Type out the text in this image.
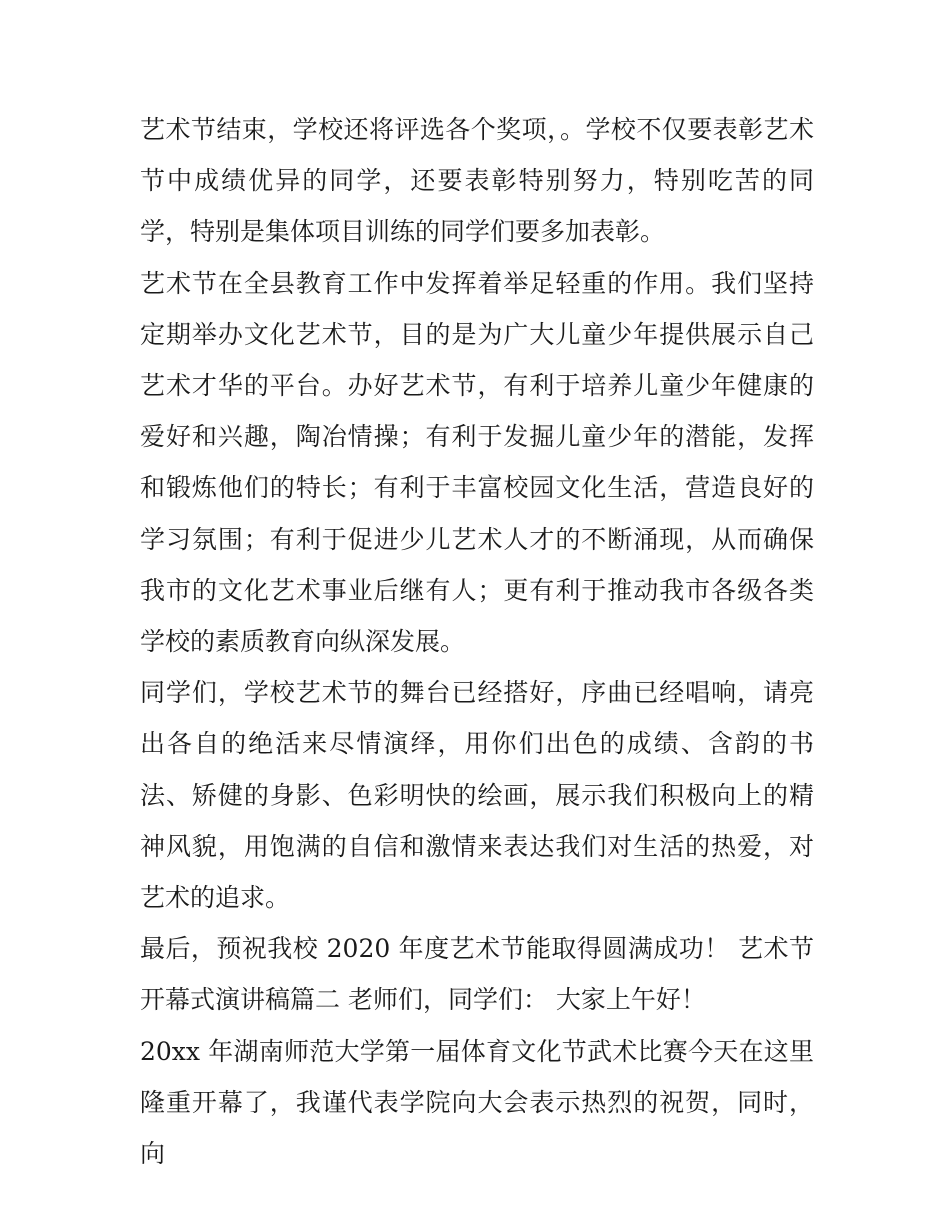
艺术节结束，学校还将评选各个奖项，。学校不仅要表彰艺术节中成绩优异的同学，还要表彰特别努力，特别吃苦的同学，特别是集体项目训练的同学们要多加表彰。

艺术节在全县教育工作中发挥着举足轻重的作用。我们坚持定期举办文化艺术节，目的是为广大儿童少年提供展示自己艺术才华的平台。办好艺术节，有利于培养儿童少年健康的爱好和兴趣，陶冶情操；有利于发掘儿童少年的潜能，发挥和锻炼他们的特长；有利于丰富校园文化生活，营造良好的学习氛围；有利于促进少儿艺术人才的不断涌现，从而确保我市的文化艺术事业后继有人；更有利于推动我市各级各类学校的素质教育向纵深发展。

同学们，学校艺术节的舞台已经搭好，序曲已经唱响，请亮出各自的绝活来尽情演绎，用你们出色的成绩、含韵的书法、矫健的身影、色彩明快的绘画，展示我们积极向上的精神风貌，用饱满的自信和激情来表达我们对生活的热爱，对艺术的追求。

最后，预祝我校 2020 年度艺术节能取得圆满成功！ 艺术节开幕式演讲稿篇二 老师们，同学们： 大家上午好！

20xx 年湖南师范大学第一届体育文化节武术比赛今天在这里隆重开幕了，我谨代表学院向大会表示热烈的祝贺，同时，向
